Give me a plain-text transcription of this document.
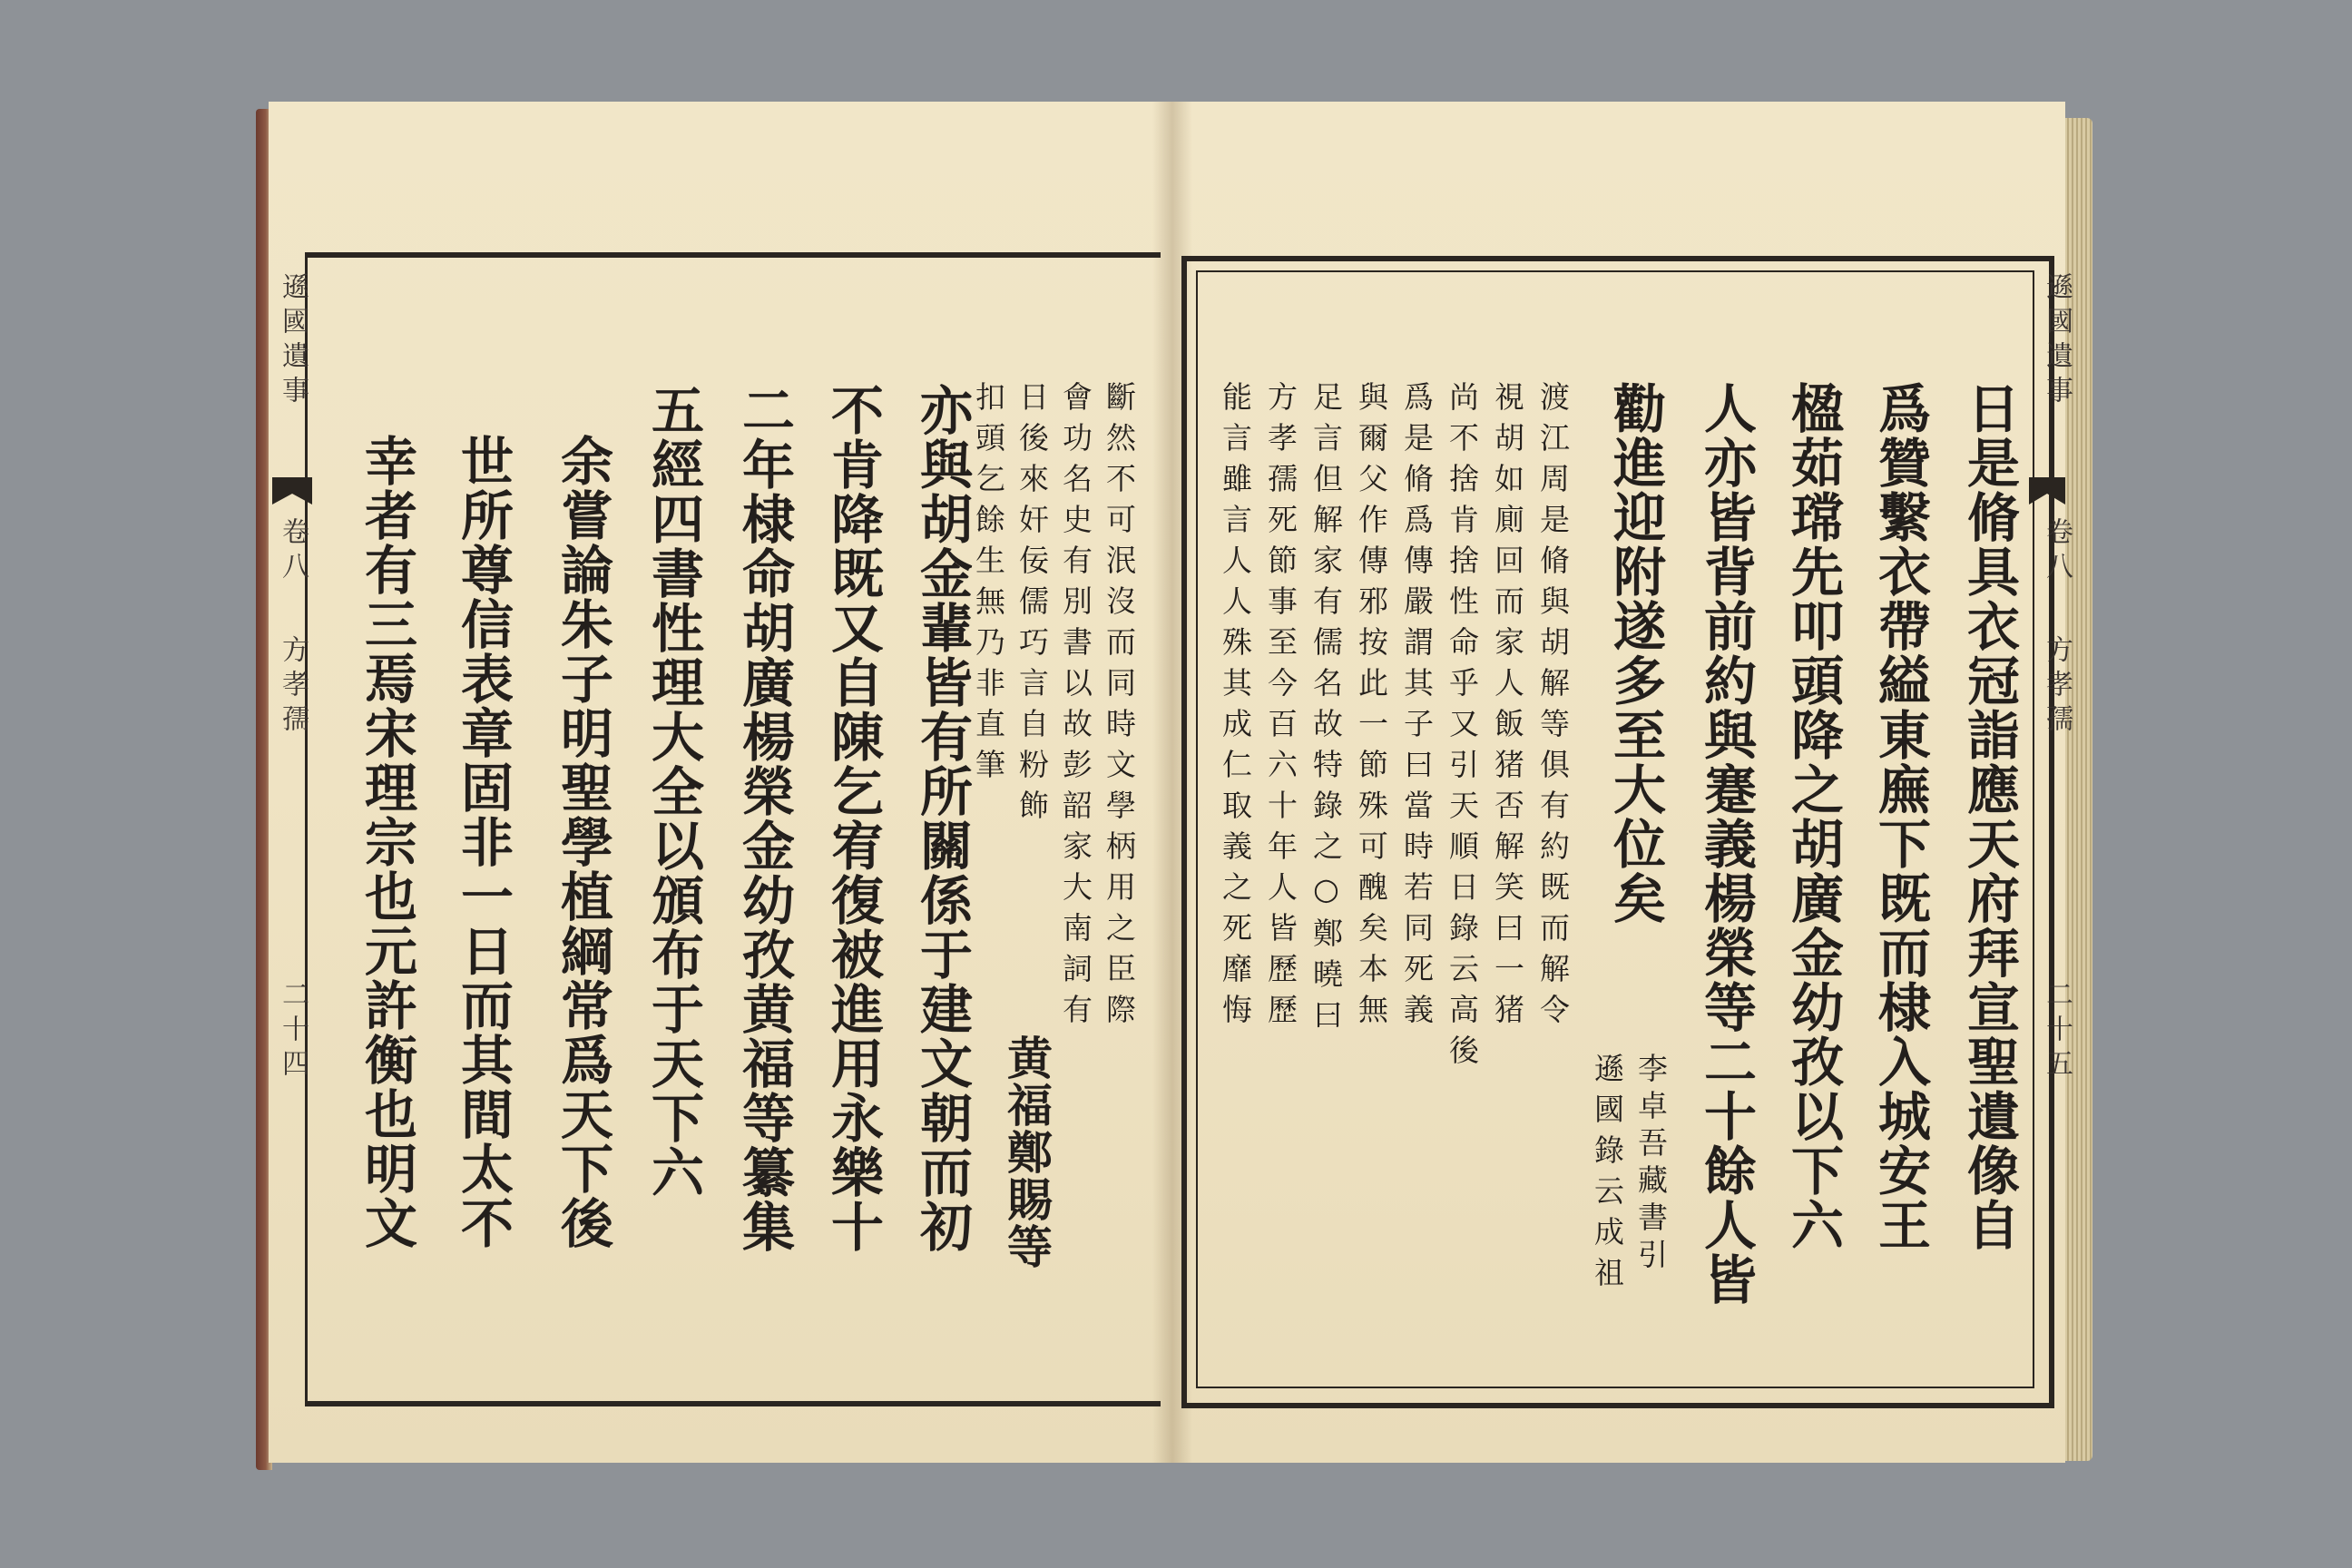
遜國遺事
卷八
方孝孺
二十四	斷然不可泯沒而同時文學柄用之臣際
會功名史有別書以故彭韶家大南詞有
日後來奸佞儒巧言自粉飾
扣頭乞餘生無乃非直筆
黄福鄭賜等
亦與胡金輩皆有所關係于建文朝而初
不肯降既又自陳乞宥復被進用永樂十
二年棣命胡廣楊榮金幼孜黄福等纂集
五經四書性理大全以頒布于天下六
余嘗論朱子明聖學植綱常爲天下後
世所尊信表章固非一日而其間太不
幸者有三焉宋理宗也元許衡也明文
遜國遺事
卷八
方孝孺
二十五
日是脩具衣冠詣應天府拜宣聖遺像自
爲贊繫衣帶縊東廡下既而棣入城安王
楹茹瑺先叩頭降之胡廣金幼孜以下六
人亦皆背前約與蹇義楊榮等二十餘人皆
勸進迎附遂多至大位矣
李卓吾藏書引
遜國錄云成祖
渡江周是脩與胡解等俱有約既而解令
視胡如廁回而家人飯猪否解笑曰一猪
尚不捨肯捨性命乎又引天順日錄云高後
爲是脩爲傳嚴謂其子曰當時若同死義
與爾父作傳邪按此一節殊可醜矣本無
足言但解家有儒名故特錄之○鄭曉曰
方孝孺死節事至今百六十年人皆歷歷
能言雖言人人殊其成仁取義之死靡悔
